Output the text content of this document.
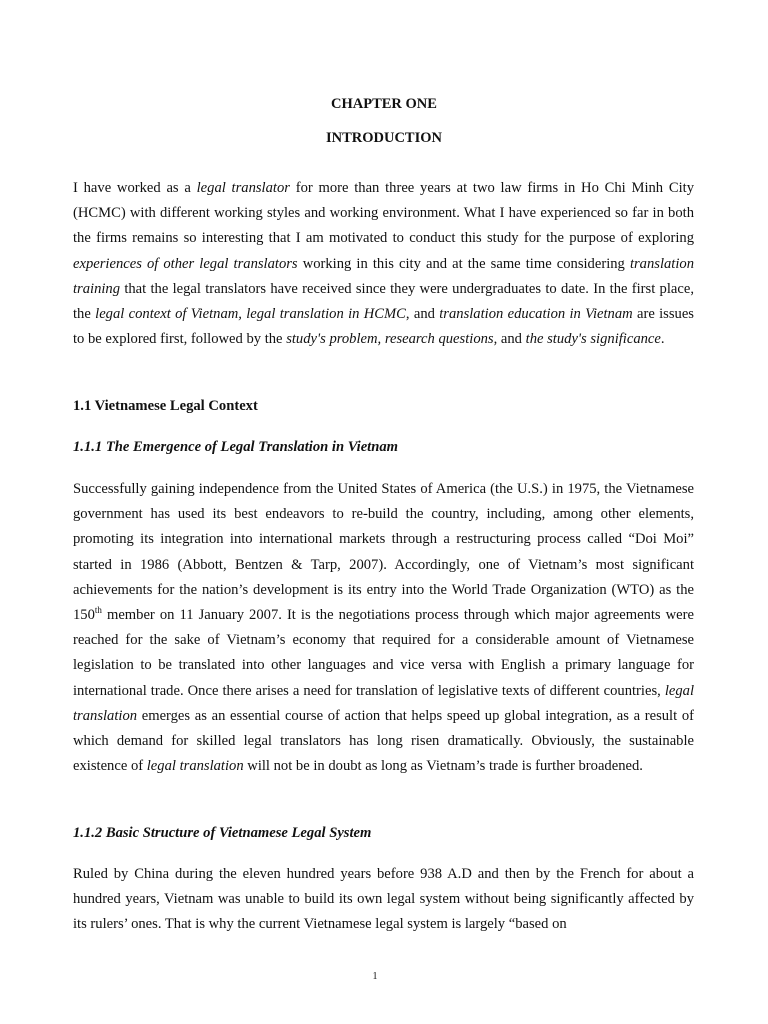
CHAPTER ONE
INTRODUCTION

I have worked as a legal translator for more than three years at two law firms in Ho Chi Minh City (HCMC) with different working styles and working environment. What I have experienced so far in both the firms remains so interesting that I am motivated to conduct this study for the purpose of exploring experiences of other legal translators working in this city and at the same time considering translation training that the legal translators have received since they were undergraduates to date. In the first place, the legal context of Vietnam, legal translation in HCMC, and translation education in Vietnam are issues to be explored first, followed by the study's problem, research questions, and the study's significance.

1.1 Vietnamese Legal Context
1.1.1 The Emergence of Legal Translation in Vietnam

Successfully gaining independence from the United States of America (the U.S.) in 1975, the Vietnamese government has used its best endeavors to re-build the country, including, among other elements, promoting its integration into international markets through a restructuring process called “Doi Moi” started in 1986 (Abbott, Bentzen & Tarp, 2007). Accordingly, one of Vietnam’s most significant achievements for the nation’s development is its entry into the World Trade Organization (WTO) as the 150th member on 11 January 2007. It is the negotiations process through which major agreements were reached for the sake of Vietnam’s economy that required for a considerable amount of Vietnamese legislation to be translated into other languages and vice versa with English a primary language for international trade. Once there arises a need for translation of legislative texts of different countries, legal translation emerges as an essential course of action that helps speed up global integration, as a result of which demand for skilled legal translators has long risen dramatically. Obviously, the sustainable existence of legal translation will not be in doubt as long as Vietnam’s trade is further broadened.

1.1.2 Basic Structure of Vietnamese Legal System

Ruled by China during the eleven hundred years before 938 A.D and then by the French for about a hundred years, Vietnam was unable to build its own legal system without being significantly affected by its rulers’ ones. That is why the current Vietnamese legal system is largely “based on

1
